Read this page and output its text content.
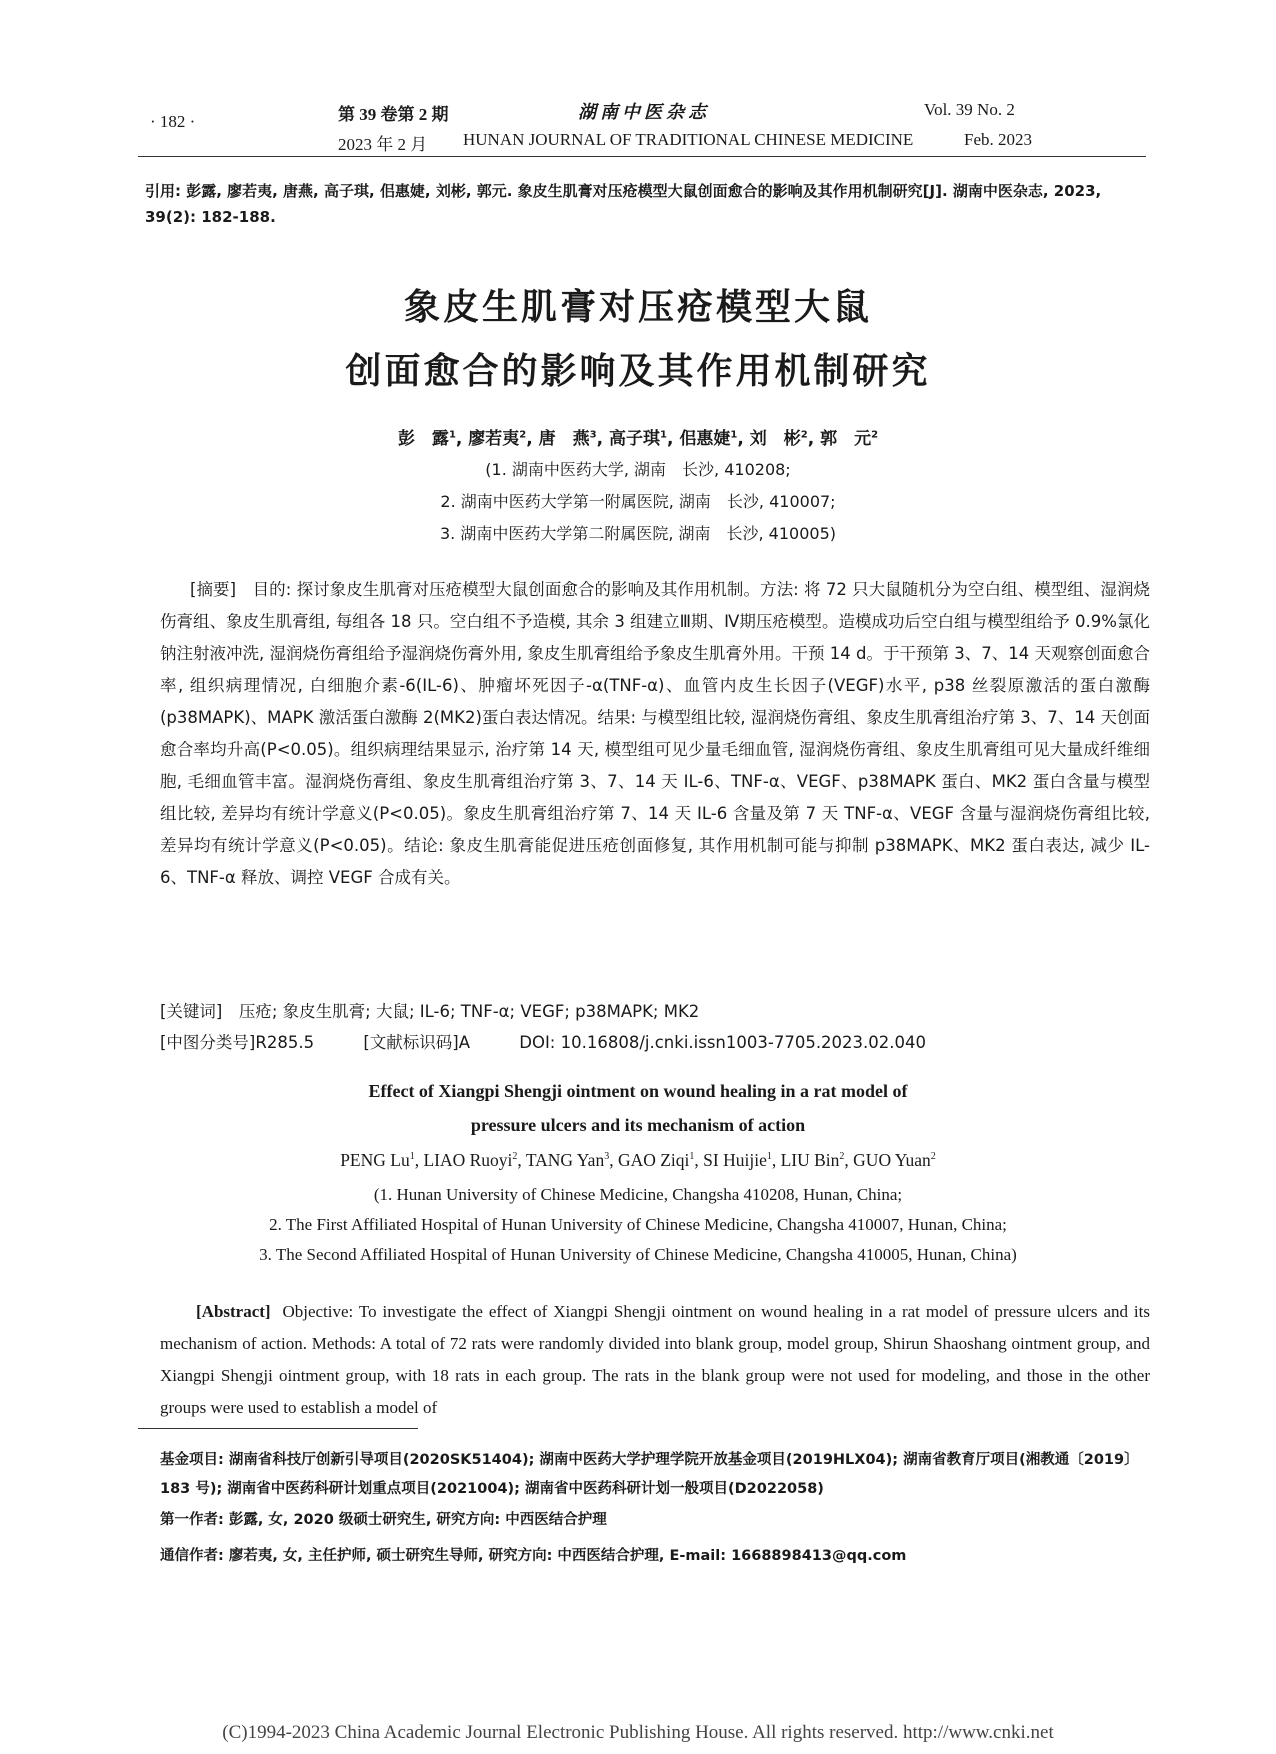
· 182 ·	第 39 卷第 2 期
2023 年 2 月
湖南中医杂志
HUNAN JOURNAL OF TRADITIONAL CHINESE MEDICINE
Vol. 39 No. 2
Feb. 2023
引用: 彭露, 廖若夷, 唐燕, 高子琪, 佀惠婕, 刘彬, 郭元. 象皮生肌膏对压疮模型大鼠创面愈合的影响及其作用机制研究[J]. 湖南中医杂志, 2023, 39(2): 182-188.
象皮生肌膏对压疮模型大鼠
创面愈合的影响及其作用机制研究
彭　露$^1$, 廖若夷$^2$, 唐　燕$^3$, 高子琪$^1$, 佀惠婕$^1$, 刘　彬$^2$, 郭　元$^2$
(1. 湖南中医药大学, 湖南　长沙, 410208;
2. 湖南中医药大学第一附属医院, 湖南　长沙, 410007;
3. 湖南中医药大学第二附属医院, 湖南　长沙, 410005)
[摘要]　目的: 探讨象皮生肌膏对压疮模型大鼠创面愈合的影响及其作用机制。方法: 将 72 只大鼠随机分为空白组、模型组、湿润烧伤膏组、象皮生肌膏组, 每组各 18 只。空白组不予造模, 其余 3 组建立Ⅲ期、Ⅳ期压疮模型。造模成功后空白组与模型组给予 0.9%氯化钠注射液冲洗, 湿润烧伤膏组给予湿润烧伤膏外用, 象皮生肌膏组给予象皮生肌膏外用。干预 14 d。于干预第 3、7、14 天观察创面愈合率, 组织病理情况, 白细胞介素-6(IL-6)、肿瘤坏死因子-α(TNF-α)、血管内皮生长因子(VEGF)水平, p38 丝裂原激活的蛋白激酶(p38MAPK)、MAPK 激活蛋白激酶 2(MK2)蛋白表达情况。结果: 与模型组比较, 湿润烧伤膏组、象皮生肌膏组治疗第 3、7、14 天创面愈合率均升高(P<0.05)。组织病理结果显示, 治疗第 14 天, 模型组可见少量毛细血管, 湿润烧伤膏组、象皮生肌膏组可见大量成纤维细胞, 毛细血管丰富。湿润烧伤膏组、象皮生肌膏组治疗第 3、7、14 天 IL-6、TNF-α、VEGF、p38MAPK 蛋白、MK2 蛋白含量与模型组比较, 差异均有统计学意义(P<0.05)。象皮生肌膏组治疗第 7、14 天 IL-6 含量及第 7 天 TNF-α、VEGF 含量与湿润烧伤膏组比较, 差异均有统计学意义(P<0.05)。结论: 象皮生肌膏能促进压疮创面修复, 其作用机制可能与抑制 p38MAPK、MK2 蛋白表达, 减少 IL-6、TNF-α 释放、调控 VEGF 合成有关。
[关键词]　压疮; 象皮生肌膏; 大鼠; IL-6; TNF-α; VEGF; p38MAPK; MK2
[中图分类号]R285.5	[文献标识码]A	DOI: 10.16808/j.cnki.issn1003-7705.2023.02.040
Effect of Xiangpi Shengji ointment on wound healing in a rat model of
pressure ulcers and its mechanism of action
PENG Lu$^1$, LIAO Ruoyi$^2$, TANG Yan$^3$, GAO Ziqi$^1$, SI Huijie$^1$, LIU Bin$^2$, GUO Yuan$^2$
(1. Hunan University of Chinese Medicine, Changsha 410208, Hunan, China;
2. The First Affiliated Hospital of Hunan University of Chinese Medicine, Changsha 410007, Hunan, China;
3. The Second Affiliated Hospital of Hunan University of Chinese Medicine, Changsha 410005, Hunan, China)
[Abstract] Objective: To investigate the effect of Xiangpi Shengji ointment on wound healing in a rat model of pressure ulcers and its mechanism of action. Methods: A total of 72 rats were randomly divided into blank group, model group, Shirun Shaoshang ointment group, and Xiangpi Shengji ointment group, with 18 rats in each group. The rats in the blank group were not used for modeling, and those in the other groups were used to establish a model of
基金项目: 湖南省科技厅创新引导项目(2020SK51404); 湖南中医药大学护理学院开放基金项目(2019HLX04); 湖南省教育厅项目(湘教通〔2019〕183 号); 湖南省中医药科研计划重点项目(2021004); 湖南省中医药科研计划一般项目(D2022058)
第一作者: 彭露, 女, 2020 级硕士研究生, 研究方向: 中西医结合护理
通信作者: 廖若夷, 女, 主任护师, 硕士研究生导师, 研究方向: 中西医结合护理, E-mail: 1668898413@qq.com
(C)1994-2023 China Academic Journal Electronic Publishing House. All rights reserved. http://www.cnki.net
